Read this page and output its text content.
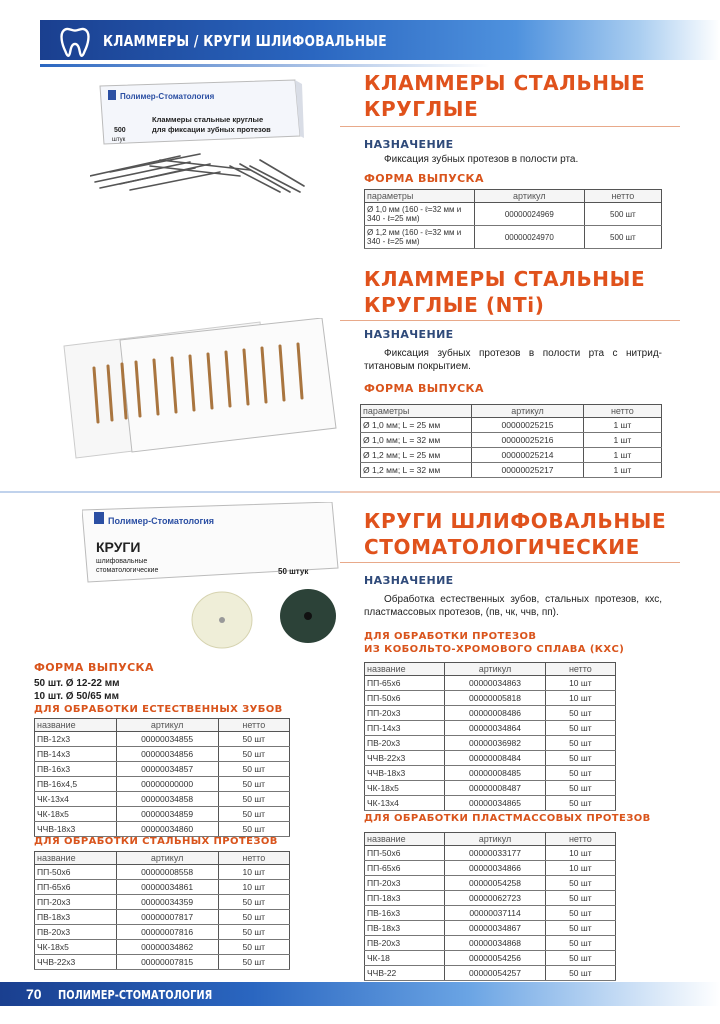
КЛАММЕРЫ / КРУГИ ШЛИФОВАЛЬНЫЕ
Полимер-Стоматология
Кламмеры стальные круглые
для фиксации зубных протезов
500
штук
КЛАММЕРЫ СТАЛЬНЫЕ
КРУГЛЫЕ
НАЗНАЧЕНИЕ
Фиксация зубных протезов в полости рта.
ФОРМА ВЫПУСКА
параметры	артикул	нетто
Ø 1,0 мм (160 - ℓ=32 мм и 340 - ℓ=25 мм)	00000024969	500 шт
Ø 1,2 мм (160 - ℓ=32 мм и 340 - ℓ=25 мм)	00000024970	500 шт
КЛАММЕРЫ СТАЛЬНЫЕ
КРУГЛЫЕ (NTi)
НАЗНАЧЕНИЕ
Фиксация зубных протезов в полости рта с нитрид-титановым покрытием.
ФОРМА ВЫПУСКА
параметры	артикул	нетто
Ø 1,0 мм; L = 25 мм	00000025215	1 шт
Ø 1,0 мм; L = 32 мм	00000025216	1 шт
Ø 1,2 мм; L = 25 мм	00000025214	1 шт
Ø 1,2 мм; L = 32 мм	00000025217	1 шт
Полимер-Стоматология
КРУГИ
шлифовальные
стоматологические	50 штук
КРУГИ ШЛИФОВАЛЬНЫЕ
СТОМАТОЛОГИЧЕСКИЕ
НАЗНАЧЕНИЕ
Обработка естественных зубов, стальных протезов, кхс, пластмассовых протезов, (пв, чк, ччв, пп).
ДЛЯ ОБРАБОТКИ ПРОТЕЗОВ
ИЗ КОБОЛЬТО-ХРОМОВОГО СПЛАВА (КХС)
название	артикул	нетто
ПП-65х6	00000034863	10 шт
ПП-50х6	00000005818	10 шт
ПП-20х3	00000008486	50 шт
ПП-14х3	00000034864	50 шт
ПВ-20х3	00000036982	50 шт
ЧЧВ-22х3	00000008484	50 шт
ЧЧВ-18х3	00000008485	50 шт
ЧК-18х5	00000008487	50 шт
ЧК-13х4	00000034865	50 шт
ДЛЯ ОБРАБОТКИ ПЛАСТМАССОВЫХ ПРОТЕЗОВ
название	артикул	нетто
ПП-50х6	00000033177	10 шт
ПП-65х6	00000034866	10 шт
ПП-20х3	00000054258	50 шт
ПП-18х3	00000062723	50 шт
ПВ-16х3	00000037114	50 шт
ПВ-18х3	00000034867	50 шт
ПВ-20х3	00000034868	50 шт
ЧК-18	00000054256	50 шт
ЧЧВ-22	00000054257	50 шт
ФОРМА ВЫПУСКА
50 шт. Ø 12-22 мм
10 шт. Ø 50/65 мм
ДЛЯ ОБРАБОТКИ ЕСТЕСТВЕННЫХ ЗУБОВ
название	артикул	нетто
ПВ-12х3	00000034855	50 шт
ПВ-14х3	00000034856	50 шт
ПВ-16х3	00000034857	50 шт
ПВ-16х4,5	00000000000	50 шт
ЧК-13х4	00000034858	50 шт
ЧК-18х5	00000034859	50 шт
ЧЧВ-18х3	00000034860	50 шт
ДЛЯ ОБРАБОТКИ СТАЛЬНЫХ ПРОТЕЗОВ
название	артикул	нетто
ПП-50х6	00000008558	10 шт
ПП-65х6	00000034861	10 шт
ПП-20х3	00000034359	50 шт
ПВ-18х3	00000007817	50 шт
ПВ-20х3	00000007816	50 шт
ЧК-18х5	00000034862	50 шт
ЧЧВ-22х3	00000007815	50 шт
70 ПОЛИМЕР-СТОМАТОЛОГИЯ
